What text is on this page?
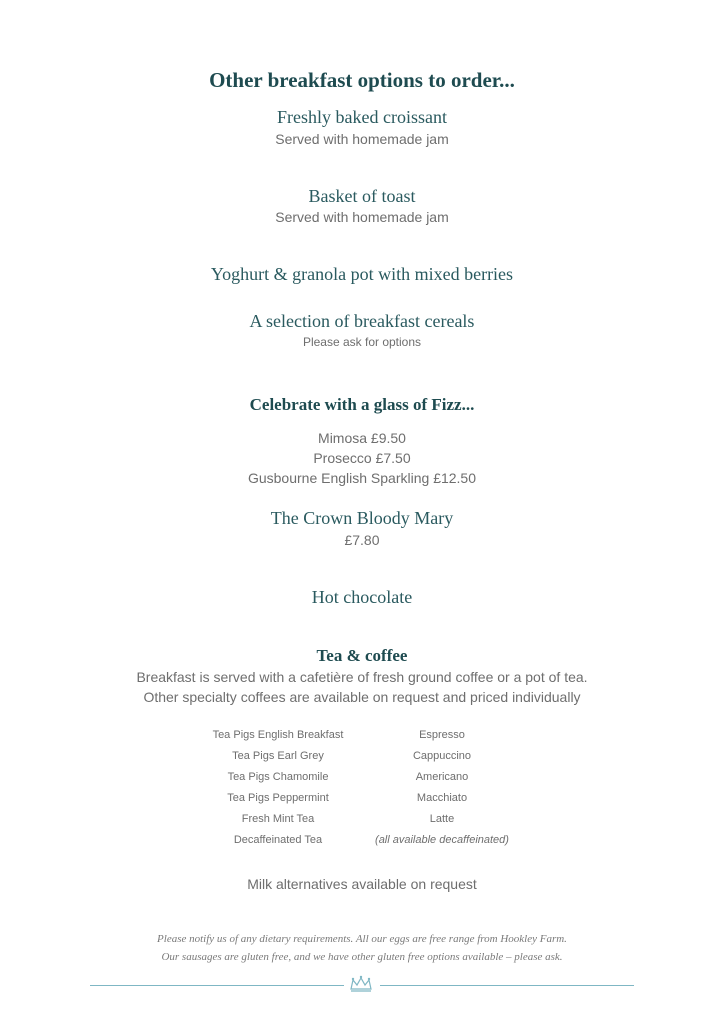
Other breakfast options to order...
Freshly baked croissant
Served with homemade jam
Basket of toast
Served with homemade jam
Yoghurt & granola pot with mixed berries
A selection of breakfast cereals
Please ask for options
Celebrate with a glass of Fizz...
Mimosa £9.50
Prosecco £7.50
Gusbourne English Sparkling £12.50
The Crown Bloody Mary
£7.80
Hot chocolate
Tea & coffee
Breakfast is served with a cafetière of fresh ground coffee or a pot of tea.
Other specialty coffees are available on request and priced individually
Tea Pigs English Breakfast
Tea Pigs Earl Grey
Tea Pigs Chamomile
Tea Pigs Peppermint
Fresh Mint Tea
Decaffeinated Tea
Espresso
Cappuccino
Americano
Macchiato
Latte
(all available decaffeinated)
Milk alternatives available on request
Please notify us of any dietary requirements. All our eggs are free range from Hookley Farm.
Our sausages are gluten free, and we have other gluten free options available – please ask.
